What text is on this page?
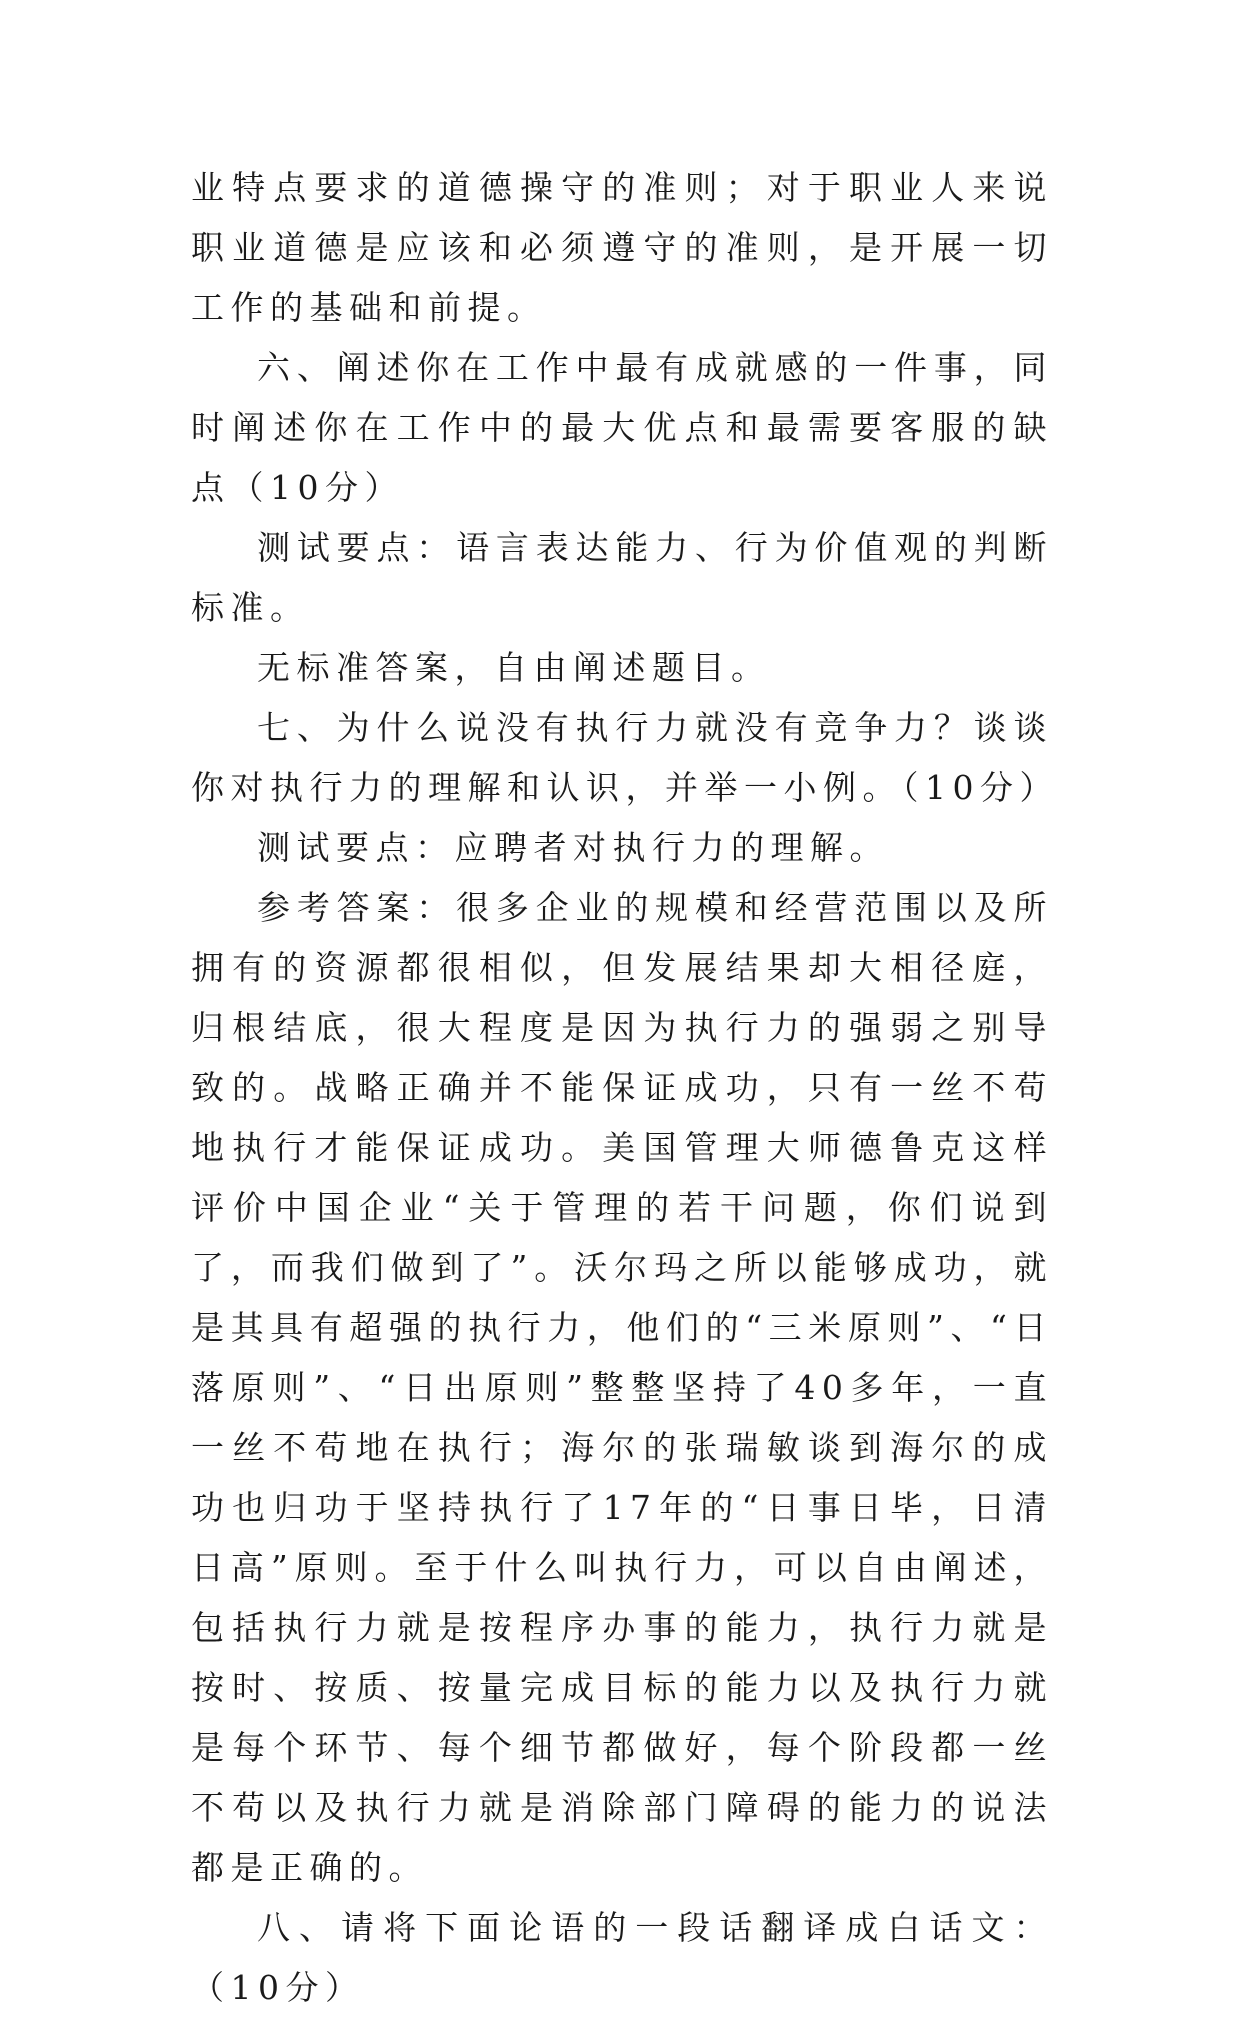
业特点要求的道德操守的准则；对于职业人来说职业道德是应该和必须遵守的准则，是开展一切工作的基础和前提。

六、阐述你在工作中最有成就感的一件事，同时阐述你在工作中的最大优点和最需要客服的缺点（10分）

测试要点：语言表达能力、行为价值观的判断标准。

无标准答案，自由阐述题目。

七、为什么说没有执行力就没有竞争力？谈谈你对执行力的理解和认识，并举一小例。（10分）

测试要点：应聘者对执行力的理解。

参考答案：很多企业的规模和经营范围以及所拥有的资源都很相似，但发展结果却大相径庭，归根结底，很大程度是因为执行力的强弱之别导致的。战略正确并不能保证成功，只有一丝不苟地执行才能保证成功。美国管理大师德鲁克这样评价中国企业“关于管理的若干问题，你们说到了，而我们做到了”。沃尔玛之所以能够成功，就是其具有超强的执行力，他们的“三米原则”、“日落原则”、“日出原则”整整坚持了40多年，一直一丝不苟地在执行；海尔的张瑞敏谈到海尔的成功也归功于坚持执行了17年的“日事日毕，日清日高”原则。至于什么叫执行力，可以自由阐述，包括执行力就是按程序办事的能力，执行力就是按时、按质、按量完成目标的能力以及执行力就是每个环节、每个细节都做好，每个阶段都一丝不苟以及执行力就是消除部门障碍的能力的说法都是正确的。

八、请将下面论语的一段话翻译成白话文：（10分）
